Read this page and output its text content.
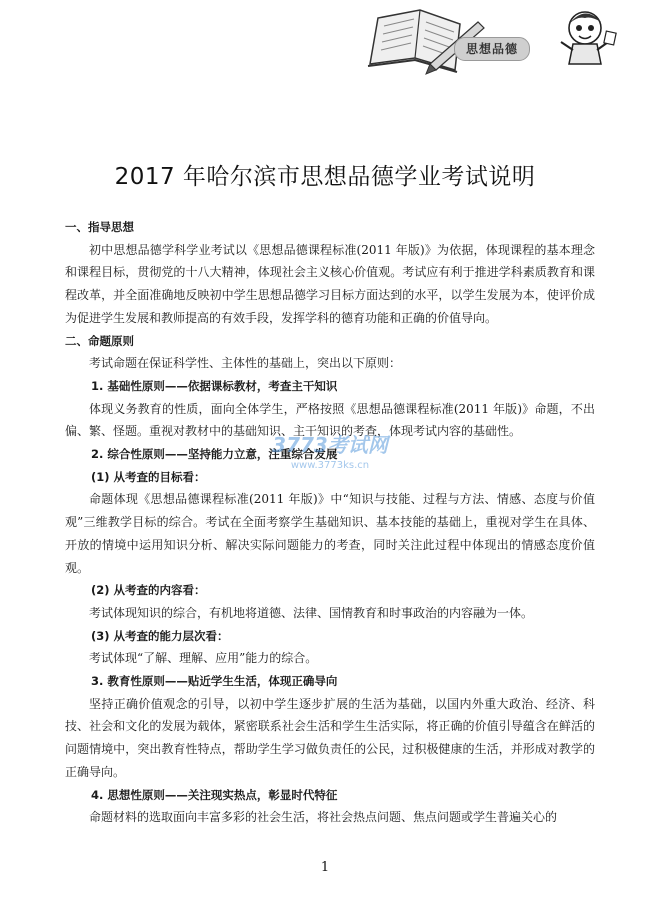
思想品德
2017 年哈尔滨市思想品德学业考试说明

一、指导思想

初中思想品德学科学业考试以《思想品德课程标准(2011 年版)》为依据，体现课程的基本理念和课程目标，贯彻党的十八大精神，体现社会主义核心价值观。考试应有利于推进学科素质教育和课程改革，并全面准确地反映初中学生思想品德学习目标方面达到的水平，以学生发展为本，使评价成为促进学生发展和教师提高的有效手段，发挥学科的德育功能和正确的价值导向。

二、命题原则

考试命题在保证科学性、主体性的基础上，突出以下原则：

1. 基础性原则——依据课标教材，考查主干知识

体现义务教育的性质，面向全体学生，严格按照《思想品德课程标准(2011 年版)》命题，不出偏、繁、怪题。重视对教材中的基础知识、主干知识的考查，体现考试内容的基础性。

2. 综合性原则——坚持能力立意，注重综合发展

(1) 从考查的目标看：

命题体现《思想品德课程标准(2011 年版)》中“知识与技能、过程与方法、情感、态度与价值观”三维教学目标的综合。考试在全面考察学生基础知识、基本技能的基础上，重视对学生在具体、开放的情境中运用知识分析、解决实际问题能力的考查，同时关注此过程中体现出的情感态度价值观。

(2) 从考查的内容看：

考试体现知识的综合，有机地将道德、法律、国情教育和时事政治的内容融为一体。

(3) 从考查的能力层次看：

考试体现“了解、理解、应用”能力的综合。

3. 教育性原则——贴近学生生活，体现正确导向

坚持正确价值观念的引导，以初中学生逐步扩展的生活为基础，以国内外重大政治、经济、科技、社会和文化的发展为载体，紧密联系社会生活和学生生活实际，将正确的价值引导蕴含在鲜活的问题情境中，突出教育性特点，帮助学生学习做负责任的公民，过积极健康的生活，并形成对教学的正确导向。

4. 思想性原则——关注现实热点，彰显时代特征

命题材料的选取面向丰富多彩的社会生活，将社会热点问题、焦点问题或学生普遍关心的

3773考试网
www.3773ks.cn
1
